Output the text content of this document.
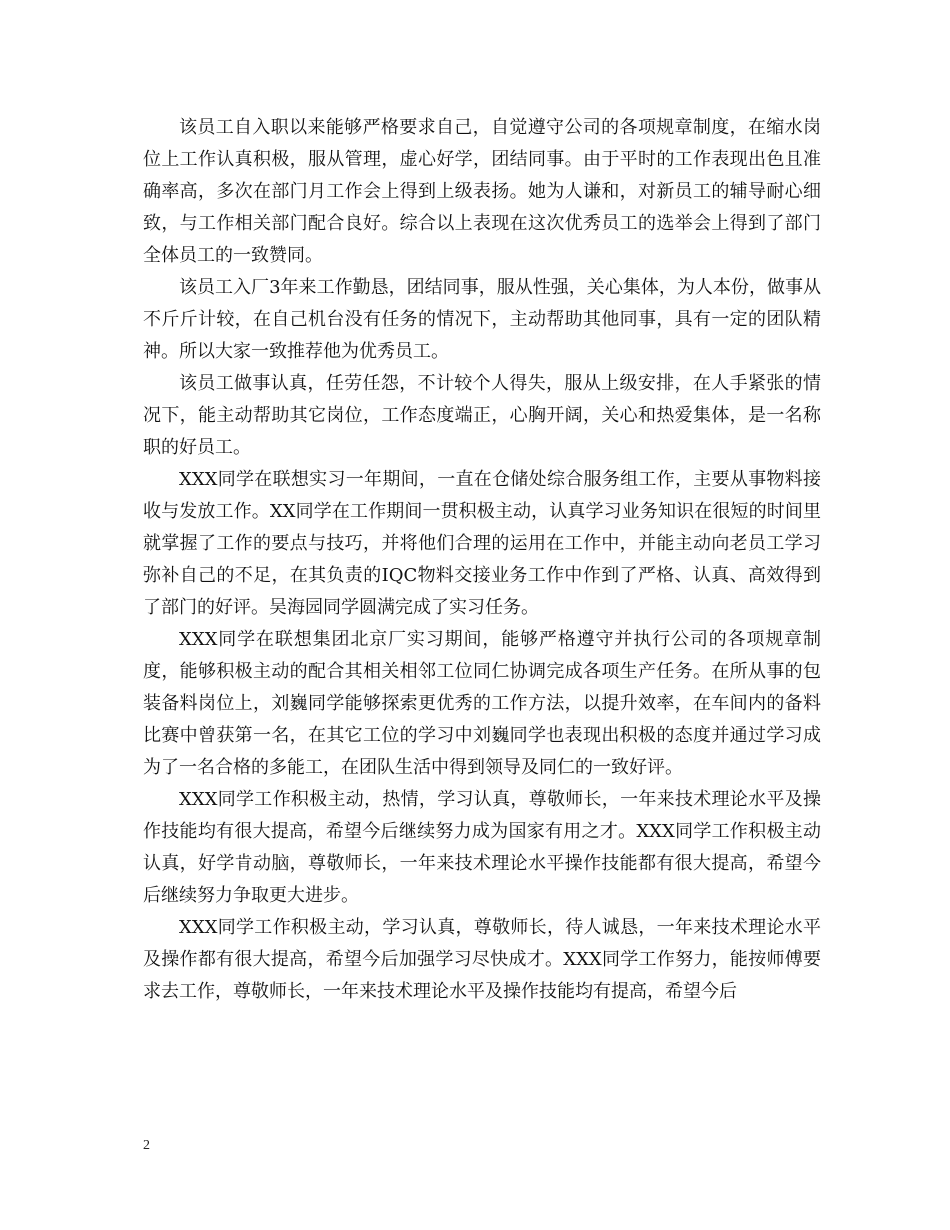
该员工自入职以来能够严格要求自己，自觉遵守公司的各项规章制度，在缩水岗位上工作认真积极，服从管理，虚心好学，团结同事。由于平时的工作表现出色且准确率高，多次在部门月工作会上得到上级表扬。她为人谦和，对新员工的辅导耐心细致，与工作相关部门配合良好。综合以上表现在这次优秀员工的选举会上得到了部门全体员工的一致赞同。

该员工入厂3年来工作勤恳，团结同事，服从性强，关心集体，为人本份，做事从不斤斤计较，在自己机台没有任务的情况下，主动帮助其他同事，具有一定的团队精神。所以大家一致推荐他为优秀员工。

该员工做事认真，任劳任怨，不计较个人得失，服从上级安排，在人手紧张的情况下，能主动帮助其它岗位，工作态度端正，心胸开阔，关心和热爱集体，是一名称职的好员工。

XXX同学在联想实习一年期间，一直在仓储处综合服务组工作，主要从事物料接收与发放工作。XX同学在工作期间一贯积极主动，认真学习业务知识在很短的时间里就掌握了工作的要点与技巧，并将他们合理的运用在工作中，并能主动向老员工学习弥补自己的不足，在其负责的IQC物料交接业务工作中作到了严格、认真、高效得到了部门的好评。吴海园同学圆满完成了实习任务。

XXX同学在联想集团北京厂实习期间，能够严格遵守并执行公司的各项规章制度，能够积极主动的配合其相关相邻工位同仁协调完成各项生产任务。在所从事的包装备料岗位上，刘巍同学能够探索更优秀的工作方法，以提升效率，在车间内的备料比赛中曾获第一名，在其它工位的学习中刘巍同学也表现出积极的态度并通过学习成为了一名合格的多能工，在团队生活中得到领导及同仁的一致好评。

XXX同学工作积极主动，热情，学习认真，尊敬师长，一年来技术理论水平及操作技能均有很大提高，希望今后继续努力成为国家有用之才。XXX同学工作积极主动认真，好学肯动脑，尊敬师长，一年来技术理论水平操作技能都有很大提高，希望今后继续努力争取更大进步。

XXX同学工作积极主动，学习认真，尊敬师长，待人诚恳，一年来技术理论水平及操作都有很大提高，希望今后加强学习尽快成才。XXX同学工作努力，能按师傅要求去工作，尊敬师长，一年来技术理论水平及操作技能均有提高，希望今后

2
